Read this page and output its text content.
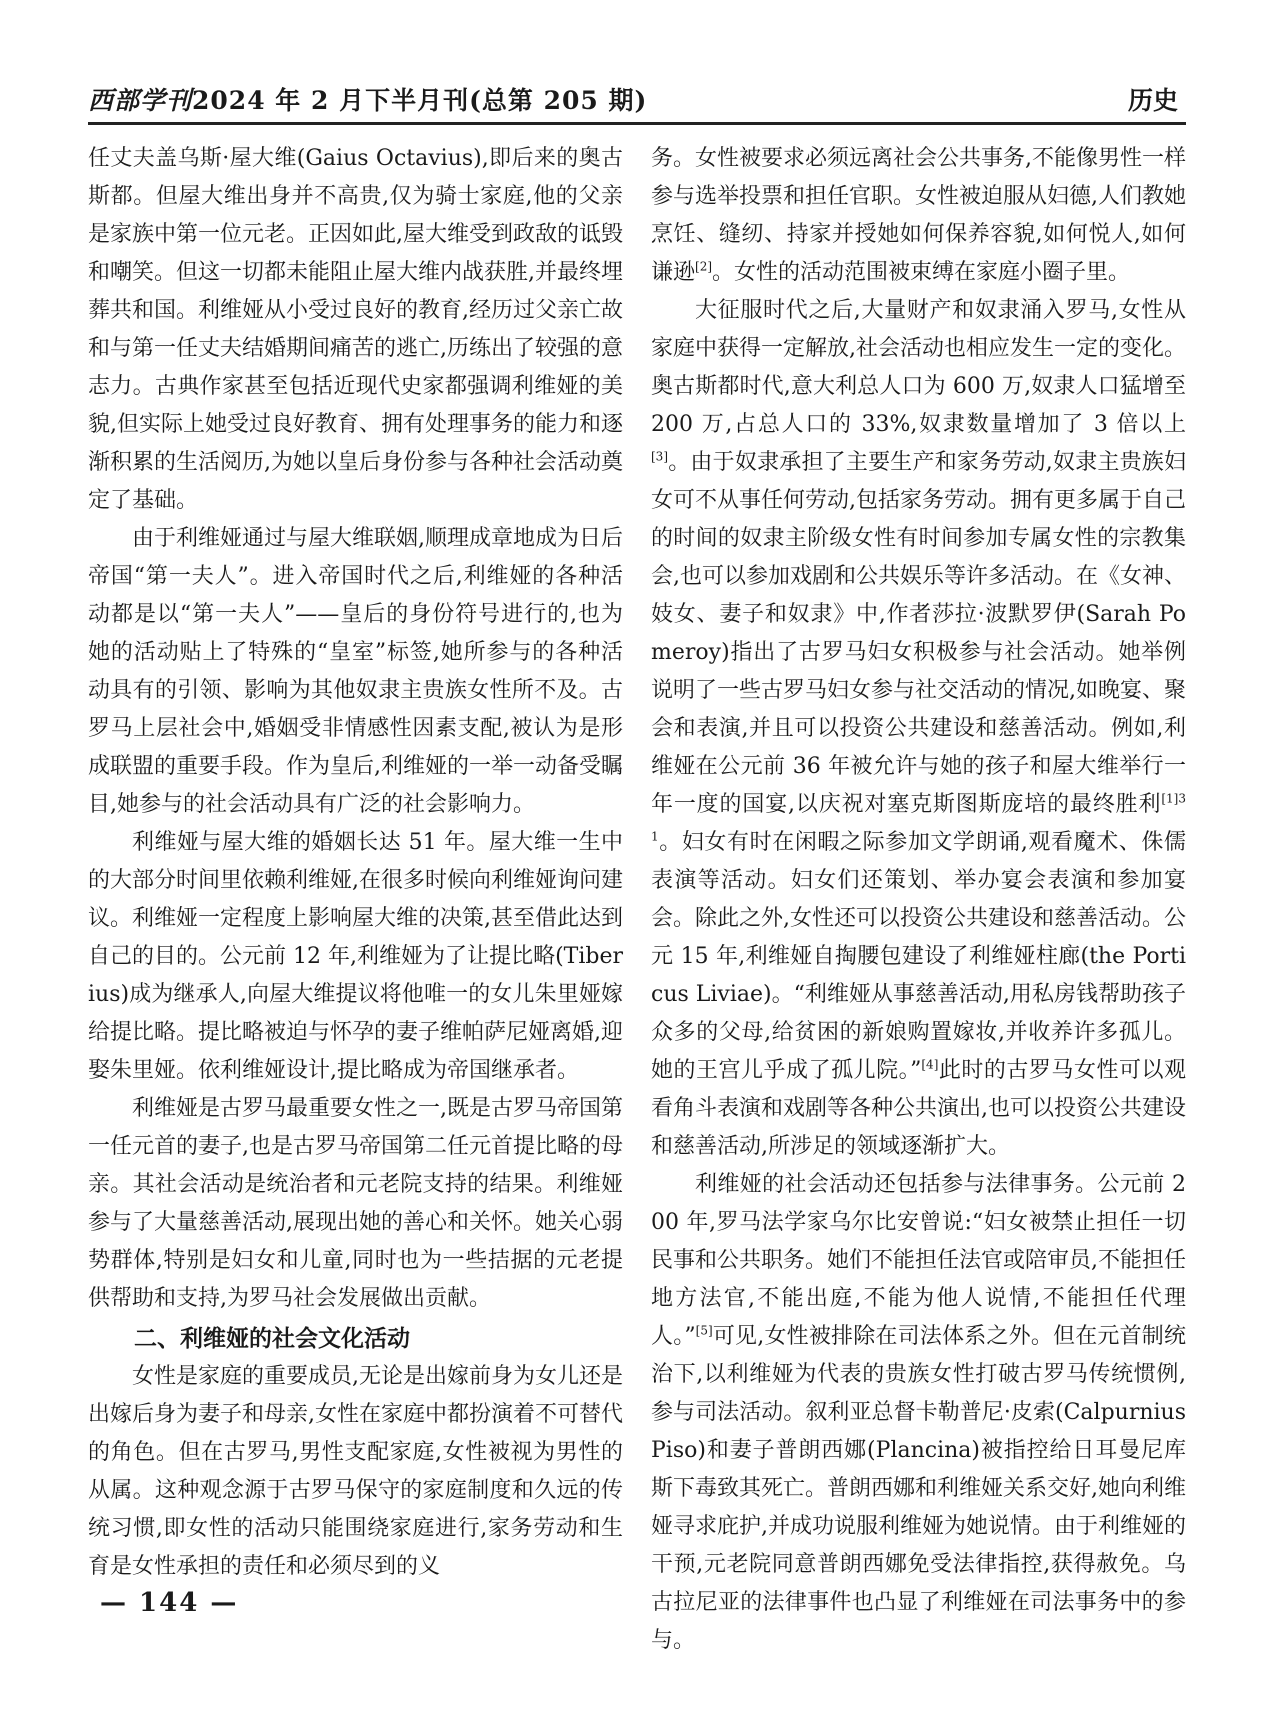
西部学刊2024 年 2 月下半月刊(总第 205 期)	历史

任丈夫盖乌斯·屋大维(Gaius Octavius),即后来的奥古斯都。但屋大维出身并不高贵,仅为骑士家庭,他的父亲是家族中第一位元老。正因如此,屋大维受到政敌的诋毁和嘲笑。但这一切都未能阻止屋大维内战获胜,并最终埋葬共和国。利维娅从小受过良好的教育,经历过父亲亡故和与第一任丈夫结婚期间痛苦的逃亡,历练出了较强的意志力。古典作家甚至包括近现代史家都强调利维娅的美貌,但实际上她受过良好教育、拥有处理事务的能力和逐渐积累的生活阅历,为她以皇后身份参与各种社会活动奠定了基础。

由于利维娅通过与屋大维联姻,顺理成章地成为日后帝国“第一夫人”。进入帝国时代之后,利维娅的各种活动都是以“第一夫人”——皇后的身份符号进行的,也为她的活动贴上了特殊的“皇室”标签,她所参与的各种活动具有的引领、影响为其他奴隶主贵族女性所不及。古罗马上层社会中,婚姻受非情感性因素支配,被认为是形成联盟的重要手段。作为皇后,利维娅的一举一动备受瞩目,她参与的社会活动具有广泛的社会影响力。

利维娅与屋大维的婚姻长达 51 年。屋大维一生中的大部分时间里依赖利维娅,在很多时候向利维娅询问建议。利维娅一定程度上影响屋大维的决策,甚至借此达到自己的目的。公元前 12 年,利维娅为了让提比略(Tiberius)成为继承人,向屋大维提议将他唯一的女儿朱里娅嫁给提比略。提比略被迫与怀孕的妻子维帕萨尼娅离婚,迎娶朱里娅。依利维娅设计,提比略成为帝国继承者。

利维娅是古罗马最重要女性之一,既是古罗马帝国第一任元首的妻子,也是古罗马帝国第二任元首提比略的母亲。其社会活动是统治者和元老院支持的结果。利维娅参与了大量慈善活动,展现出她的善心和关怀。她关心弱势群体,特别是妇女和儿童,同时也为一些拮据的元老提供帮助和支持,为罗马社会发展做出贡献。

二、利维娅的社会文化活动

女性是家庭的重要成员,无论是出嫁前身为女儿还是出嫁后身为妻子和母亲,女性在家庭中都扮演着不可替代的角色。但在古罗马,男性支配家庭,女性被视为男性的从属。这种观念源于古罗马保守的家庭制度和久远的传统习惯,即女性的活动只能围绕家庭进行,家务劳动和生育是女性承担的责任和必须尽到的义

务。女性被要求必须远离社会公共事务,不能像男性一样参与选举投票和担任官职。女性被迫服从妇德,人们教她烹饪、缝纫、持家并授她如何保养容貌,如何悦人,如何谦逊[2]。女性的活动范围被束缚在家庭小圈子里。

大征服时代之后,大量财产和奴隶涌入罗马,女性从家庭中获得一定解放,社会活动也相应发生一定的变化。奥古斯都时代,意大利总人口为 600 万,奴隶人口猛增至 200 万,占总人口的 33%,奴隶数量增加了 3 倍以上[3]。由于奴隶承担了主要生产和家务劳动,奴隶主贵族妇女可不从事任何劳动,包括家务劳动。拥有更多属于自己的时间的奴隶主阶级女性有时间参加专属女性的宗教集会,也可以参加戏剧和公共娱乐等许多活动。在《女神、妓女、妻子和奴隶》中,作者莎拉·波默罗伊(Sarah Pomeroy)指出了古罗马妇女积极参与社会活动。她举例说明了一些古罗马妇女参与社交活动的情况,如晚宴、聚会和表演,并且可以投资公共建设和慈善活动。例如,利维娅在公元前 36 年被允许与她的孩子和屋大维举行一年一度的国宴,以庆祝对塞克斯图斯庞培的最终胜利$^{[1]31}$。妇女有时在闲暇之际参加文学朗诵,观看魔术、侏儒表演等活动。妇女们还策划、举办宴会表演和参加宴会。除此之外,女性还可以投资公共建设和慈善活动。公元 15 年,利维娅自掏腰包建设了利维娅柱廊(the Porticus Liviae)。“利维娅从事慈善活动,用私房钱帮助孩子众多的父母,给贫困的新娘购置嫁妆,并收养许多孤儿。她的王宫儿乎成了孤儿院。”[4]此时的古罗马女性可以观看角斗表演和戏剧等各种公共演出,也可以投资公共建设和慈善活动,所涉足的领域逐渐扩大。

利维娅的社会活动还包括参与法律事务。公元前 200 年,罗马法学家乌尔比安曾说:“妇女被禁止担任一切民事和公共职务。她们不能担任法官或陪审员,不能担任地方法官,不能出庭,不能为他人说情,不能担任代理人。”[5]可见,女性被排除在司法体系之外。但在元首制统治下,以利维娅为代表的贵族女性打破古罗马传统惯例,参与司法活动。叙利亚总督卡勒普尼·皮索(Calpurnius Piso)和妻子普朗西娜(Plancina)被指控给日耳曼尼库斯下毒致其死亡。普朗西娜和利维娅关系交好,她向利维娅寻求庇护,并成功说服利维娅为她说情。由于利维娅的干预,元老院同意普朗西娜免受法律指控,获得赦免。乌古拉尼亚的法律事件也凸显了利维娅在司法事务中的参与。

— 144 —
